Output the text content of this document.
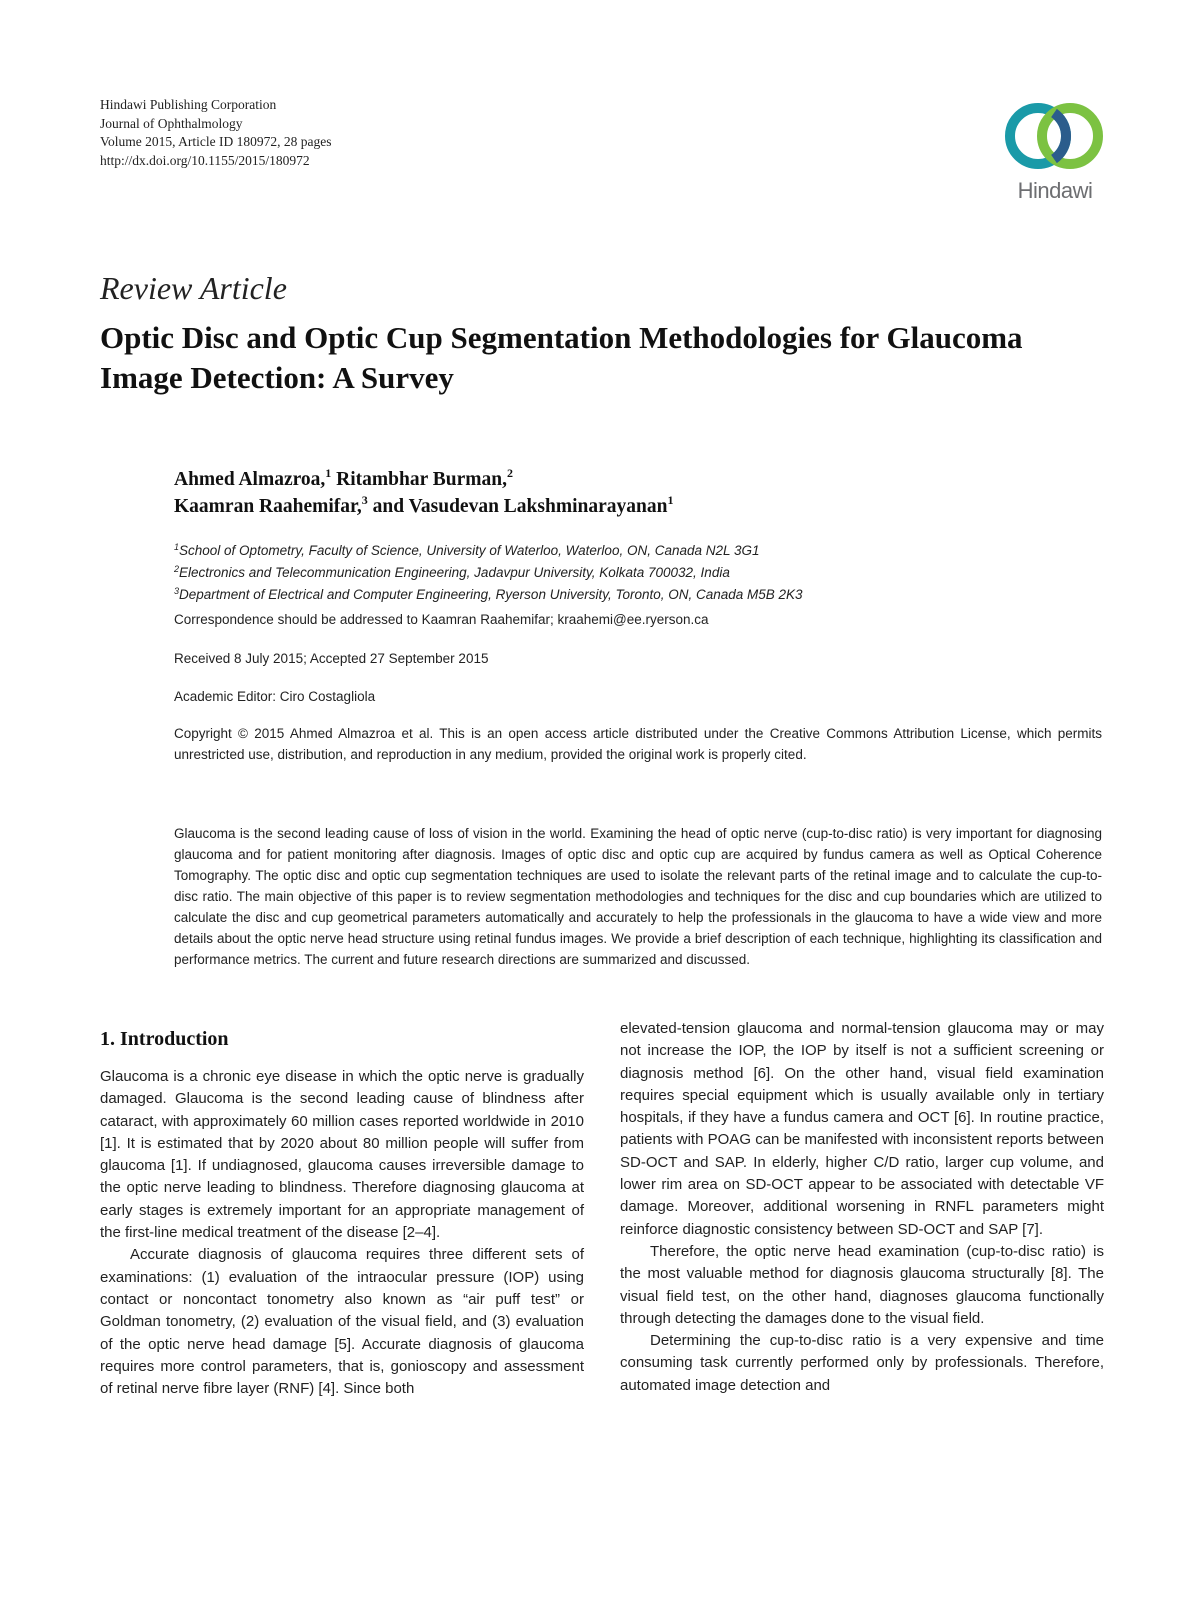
Hindawi Publishing Corporation
Journal of Ophthalmology
Volume 2015, Article ID 180972, 28 pages
http://dx.doi.org/10.1155/2015/180972
Hindawi
Review Article
Optic Disc and Optic Cup Segmentation Methodologies for Glaucoma Image Detection: A Survey
Ahmed Almazroa,$^1$ Ritambhar Burman,$^2$
Kaamran Raahemifar,$^3$ and Vasudevan Lakshminarayanan$^1$
$^1$School of Optometry, Faculty of Science, University of Waterloo, Waterloo, ON, Canada N2L 3G1
$^2$Electronics and Telecommunication Engineering, Jadavpur University, Kolkata 700032, India
$^3$Department of Electrical and Computer Engineering, Ryerson University, Toronto, ON, Canada M5B 2K3
Correspondence should be addressed to Kaamran Raahemifar; kraahemi@ee.ryerson.ca
Received 8 July 2015; Accepted 27 September 2015
Academic Editor: Ciro Costagliola
Copyright © 2015 Ahmed Almazroa et al. This is an open access article distributed under the Creative Commons Attribution License, which permits unrestricted use, distribution, and reproduction in any medium, provided the original work is properly cited.
Glaucoma is the second leading cause of loss of vision in the world. Examining the head of optic nerve (cup-to-disc ratio) is very important for diagnosing glaucoma and for patient monitoring after diagnosis. Images of optic disc and optic cup are acquired by fundus camera as well as Optical Coherence Tomography. The optic disc and optic cup segmentation techniques are used to isolate the relevant parts of the retinal image and to calculate the cup-to-disc ratio. The main objective of this paper is to review segmentation methodologies and techniques for the disc and cup boundaries which are utilized to calculate the disc and cup geometrical parameters automatically and accurately to help the professionals in the glaucoma to have a wide view and more details about the optic nerve head structure using retinal fundus images. We provide a brief description of each technique, highlighting its classification and performance metrics. The current and future research directions are summarized and discussed.
1. Introduction

Glaucoma is a chronic eye disease in which the optic nerve is gradually damaged. Glaucoma is the second leading cause of blindness after cataract, with approximately 60 million cases reported worldwide in 2010 [1]. It is estimated that by 2020 about 80 million people will suffer from glaucoma [1]. If undiagnosed, glaucoma causes irreversible damage to the optic nerve leading to blindness. Therefore diagnosing glaucoma at early stages is extremely important for an appropriate management of the first-line medical treatment of the disease [2–4].

Accurate diagnosis of glaucoma requires three different sets of examinations: (1) evaluation of the intraocular pressure (IOP) using contact or noncontact tonometry also known as “air puff test” or Goldman tonometry, (2) evaluation of the visual field, and (3) evaluation of the optic nerve head damage [5]. Accurate diagnosis of glaucoma requires more control parameters, that is, gonioscopy and assessment of retinal nerve fibre layer (RNF) [4]. Since both

elevated-tension glaucoma and normal-tension glaucoma may or may not increase the IOP, the IOP by itself is not a sufficient screening or diagnosis method [6]. On the other hand, visual field examination requires special equipment which is usually available only in tertiary hospitals, if they have a fundus camera and OCT [6]. In routine practice, patients with POAG can be manifested with inconsistent reports between SD-OCT and SAP. In elderly, higher C/D ratio, larger cup volume, and lower rim area on SD-OCT appear to be associated with detectable VF damage. Moreover, additional worsening in RNFL parameters might reinforce diagnostic consistency between SD-OCT and SAP [7].

Therefore, the optic nerve head examination (cup-to-disc ratio) is the most valuable method for diagnosis glaucoma structurally [8]. The visual field test, on the other hand, diagnoses glaucoma functionally through detecting the damages done to the visual field.

Determining the cup-to-disc ratio is a very expensive and time consuming task currently performed only by professionals. Therefore, automated image detection and
